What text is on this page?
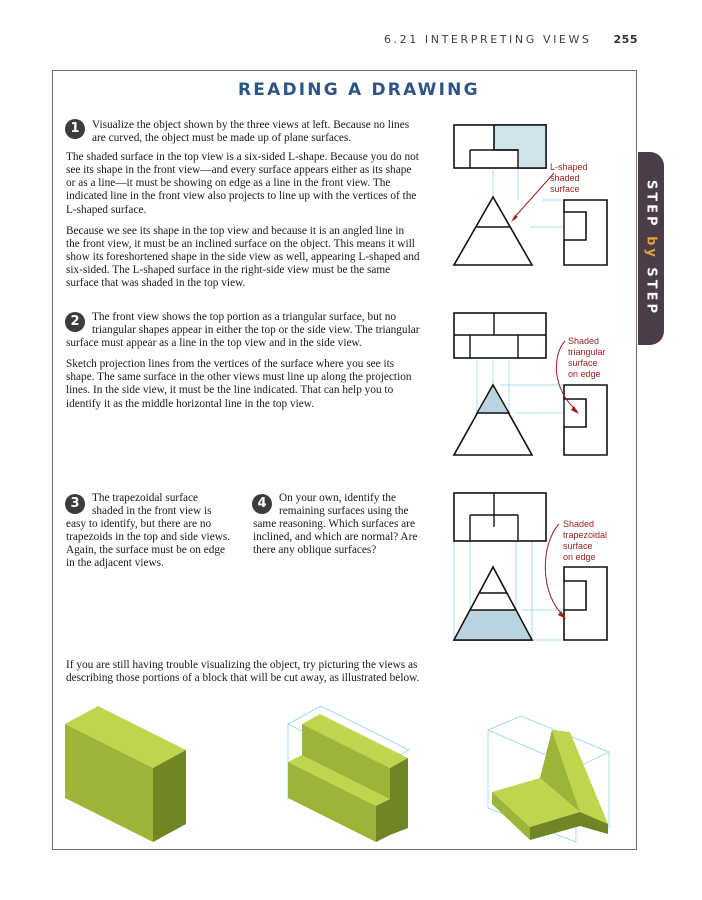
6.21 INTERPRETING VIEWS 255
STEP by STEP
READING A DRAWING
1	Visualize the object shown by the three views at left. Because no lines are curved, the object must be made up of plane surfaces.

The shaded surface in the top view is a six-sided L-shape. Because you do not see its shape in the front view—and every surface appears either as its shape or as a line—it must be showing on edge as a line in the front view. The indicated line in the front view also projects to line up with the vertices of the L-shaped surface.

Because we see its shape in the top view and because it is an angled line in the front view, it must be an inclined surface on the object. This means it will show its foreshortened shape in the side view as well, appearing L-shaped and six-sided. The L-shaped surface in the right-side view must be the same surface that was shaded in the top view.

2	The front view shows the top portion as a triangular surface, but no triangular shapes appear in either the top or the side view. The triangular surface must appear as a line in the top view and in the side view.

Sketch projection lines from the vertices of the surface where you see its shape. The same surface in the other views must line up along the projection lines. In the side view, it must be the line indicated. That can help you to identify it as the middle horizontal line in the top view.

3	The trapezoidal surface shaded in the front view is easy to identify, but there are no trapezoids in the top and side views. Again, the surface must be on edge in the adjacent views.

4	On your own, identify the remaining surfaces using the same reasoning. Which surfaces are inclined, and which are normal? Are there any oblique surfaces?

If you are still having trouble visualizing the object, try picturing the views as describing those portions of a block that will be cut away, as illustrated below.
L-shaped
shaded
surface
Shaded
triangular
surface
on edge
Shaded
trapezoidal
surface
on edge
